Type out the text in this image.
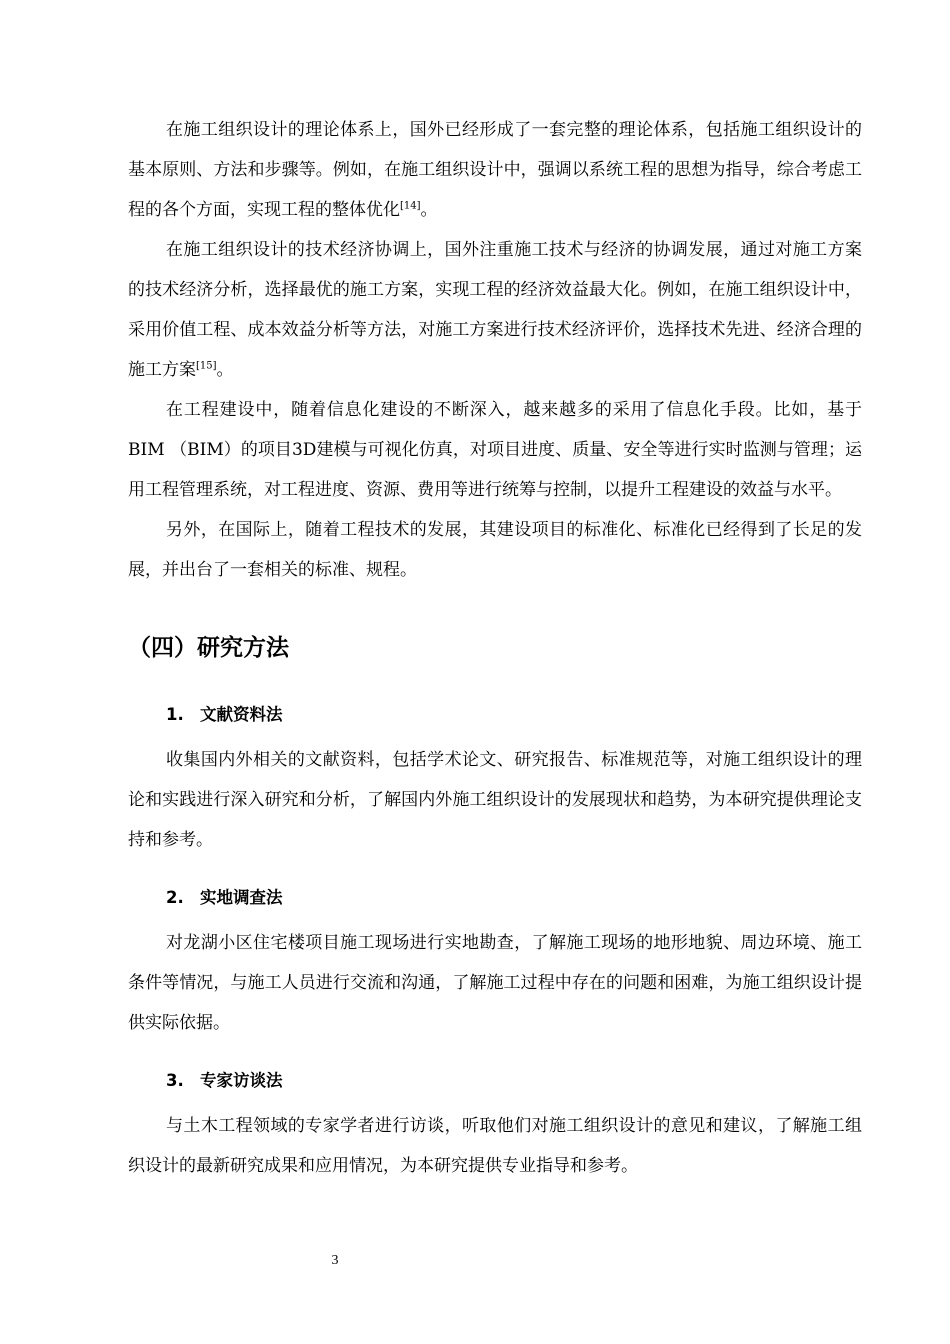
在施工组织设计的理论体系上，国外已经形成了一套完整的理论体系，包括施工组织设计的基本原则、方法和步骤等。例如，在施工组织设计中，强调以系统工程的思想为指导，综合考虑工程的各个方面，实现工程的整体优化[14]。

在施工组织设计的技术经济协调上，国外注重施工技术与经济的协调发展，通过对施工方案的技术经济分析，选择最优的施工方案，实现工程的经济效益最大化。例如，在施工组织设计中，采用价值工程、成本效益分析等方法，对施工方案进行技术经济评价，选择技术先进、经济合理的施工方案[15]。

在工程建设中，随着信息化建设的不断深入，越来越多的采用了信息化手段。比如，基于 BIM （BIM）的项目3D建模与可视化仿真，对项目进度、质量、安全等进行实时监测与管理；运用工程管理系统，对工程进度、资源、费用等进行统筹与控制，以提升工程建设的效益与水平。

另外，在国际上，随着工程技术的发展，其建设项目的标准化、标准化已经得到了长足的发展，并出台了一套相关的标准、规程。

（四）研究方法
1. 文献资料法

收集国内外相关的文献资料，包括学术论文、研究报告、标准规范等，对施工组织设计的理论和实践进行深入研究和分析，了解国内外施工组织设计的发展现状和趋势，为本研究提供理论支持和参考。

2. 实地调查法

对龙湖小区住宅楼项目施工现场进行实地勘查，了解施工现场的地形地貌、周边环境、施工条件等情况，与施工人员进行交流和沟通，了解施工过程中存在的问题和困难，为施工组织设计提供实际依据。

3. 专家访谈法

与土木工程领域的专家学者进行访谈，听取他们对施工组织设计的意见和建议，了解施工组织设计的最新研究成果和应用情况，为本研究提供专业指导和参考。

3
